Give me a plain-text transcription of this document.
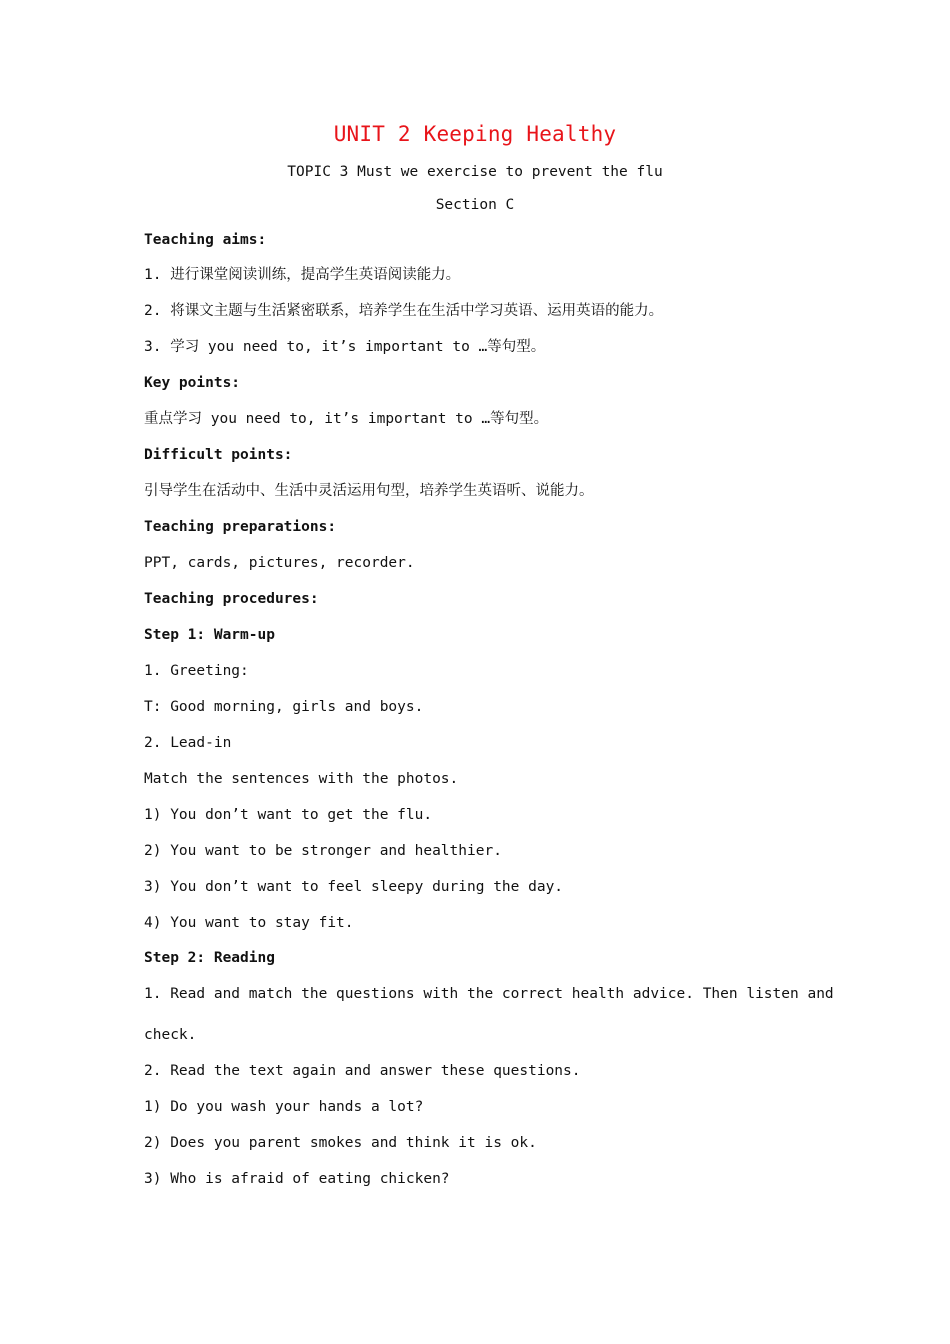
UNIT 2 Keeping Healthy
TOPIC 3 Must we exercise to prevent the flu
Section C
Teaching aims:
1. 进行课堂阅读训练，提高学生英语阅读能力。
2. 将课文主题与生活紧密联系，培养学生在生活中学习英语、运用英语的能力。
3. 学习 you need to, it’s important to …等句型。
Key points:
重点学习 you need to, it’s important to …等句型。
Difficult points:
引导学生在活动中、生活中灵活运用句型，培养学生英语听、说能力。
Teaching preparations:
PPT, cards, pictures, recorder.
Teaching procedures:
Step 1: Warm-up
1. Greeting:
T: Good morning, girls and boys.
2. Lead-in
Match the sentences with the photos.
1) You don’t want to get the flu.
2) You want to be stronger and healthier.
3) You don’t want to feel sleepy during the day.
4) You want to stay fit.
Step 2: Reading
1. Read and match the questions with the correct health advice. Then listen and
check.
2. Read the text again and answer these questions.
1) Do you wash your hands a lot?
2) Does you parent smokes and think it is ok.
3) Who is afraid of eating chicken?
